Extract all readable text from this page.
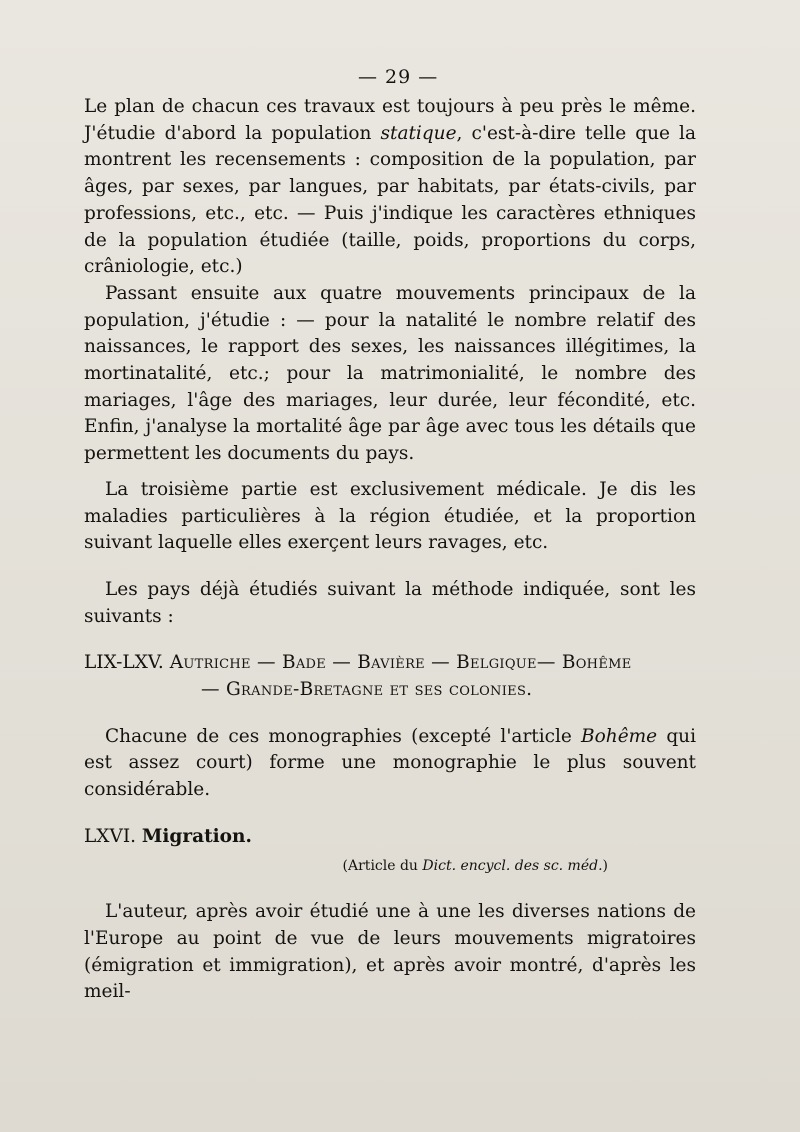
— 29 —

Le plan de chacun ces travaux est toujours à peu près le même. J'étudie d'abord la population statique, c'est-à-dire telle que la montrent les recensements : composition de la population, par âges, par sexes, par langues, par habitats, par états-civils, par professions, etc., etc. — Puis j'indique les caractères ethniques de la population étudiée (taille, poids, proportions du corps, crâniologie, etc.)

Passant ensuite aux quatre mouvements principaux de la population, j'étudie : — pour la natalité le nombre relatif des naissances, le rapport des sexes, les naissances illégitimes, la mortinatalité, etc.; pour la matrimonialité, le nombre des mariages, l'âge des mariages, leur durée, leur fécondité, etc. Enfin, j'analyse la mortalité âge par âge avec tous les détails que permettent les documents du pays.

La troisième partie est exclusivement médicale. Je dis les maladies particulières à la région étudiée, et la proportion suivant laquelle elles exerçent leurs ravages, etc.

Les pays déjà étudiés suivant la méthode indiquée, sont les suivants :

LIX-LXV. Autriche — Bade — Bavière — Belgique— Bohême
— Grande-Bretagne et ses colonies.

Chacune de ces monographies (excepté l'article Bohême qui est assez court) forme une monographie le plus souvent considérable.

LXVI. Migration.

(Article du Dict. encycl. des sc. méd.)

L'auteur, après avoir étudié une à une les diverses nations de l'Europe au point de vue de leurs mouvements migratoires (émigration et immigration), et après avoir montré, d'après les meil-
